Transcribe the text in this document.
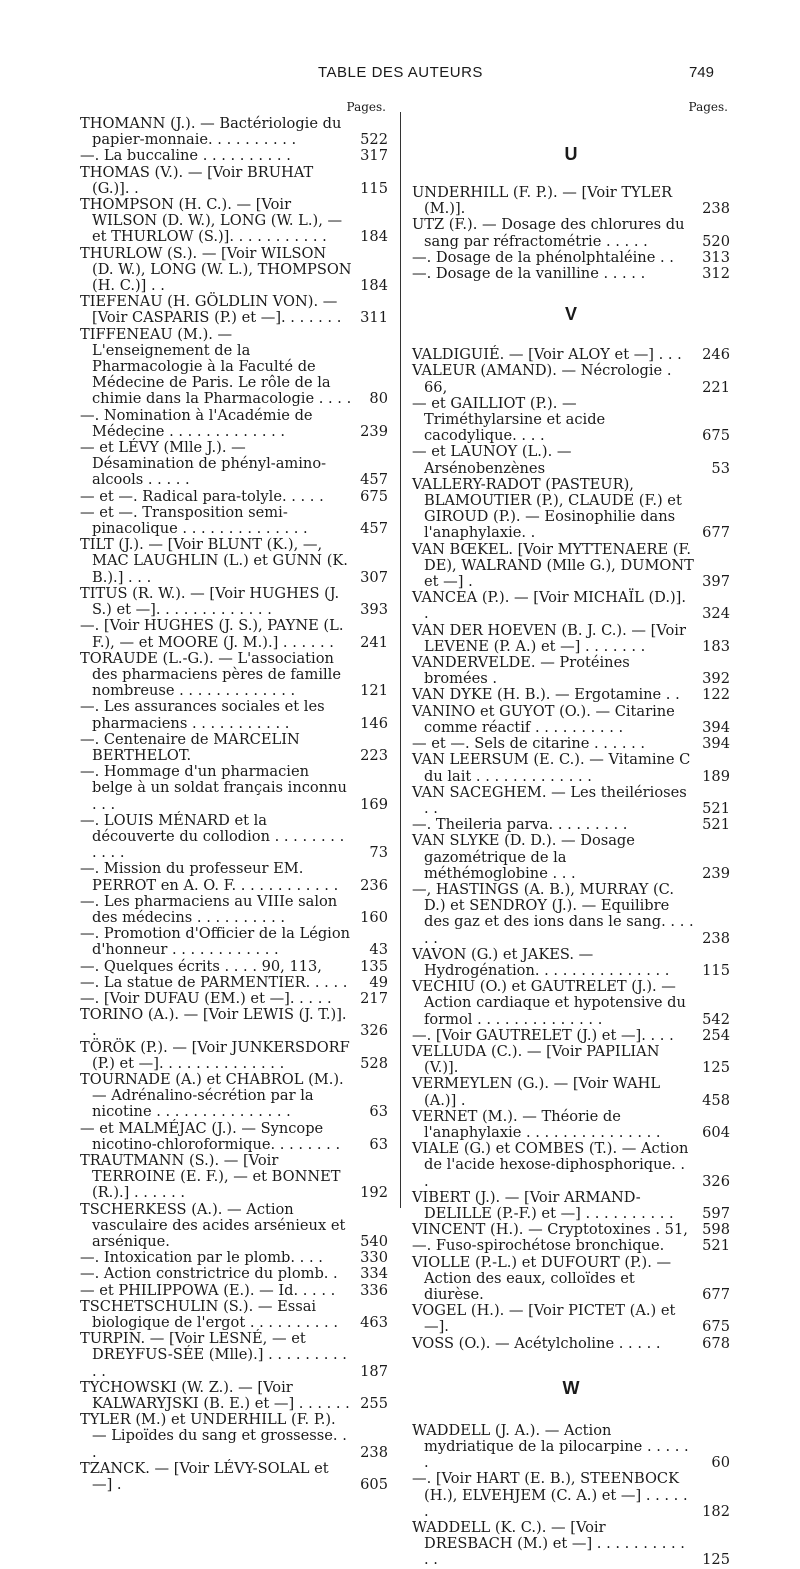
TABLE DES AUTEURS	749
Pages.

THOMANN (J.). — Bactériologie du papier-monnaie. . . . . . . . . .	522

—. La buccaline . . . . . . . . . .	317

THOMAS (V.). — [Voir BRUHAT (G.)]. .	115

THOMPSON (H. C.). — [Voir WILSON (D. W.), LONG (W. L.), — et THURLOW (S.)]. . . . . . . . . . . 184

THURLOW (S.). — [Voir WILSON (D. W.), LONG (W. L.), THOMPSON (H. C.)] . .	184

TIEFENAU (H. GÖLDLIN VON). — [Voir CASPARIS (P.) et —]. . . . . . . 311

TIFFENEAU (M.). — L'enseignement de la Pharmacologie à la Faculté de Médecine de Paris. Le rôle de la chimie dans la Pharmacologie . . . . 80

—. Nomination à l'Académie de Médecine . . . . . . . . . . . . .	239

— et LÉVY (Mlle J.). — Désamination de phényl-amino-alcools . . . . .	457

— et —. Radical para-tolyle. . . . . 675

— et —. Transposition semi-pinacolique . . . . . . . . . . . . . .	457

TILT (J.). — [Voir BLUNT (K.), —, MAC LAUGHLIN (L.) et GUNN (K. B.).] . . .	307

TITUS (R. W.). — [Voir HUGHES (J. S.) et —]. . . . . . . . . . . . .	393

—. [Voir HUGHES (J. S.), PAYNE (L. F.), — et MOORE (J. M.).] . . . . . . 241

TORAUDE (L.-G.). — L'association des pharmaciens pères de famille nombreuse . . . . . . . . . . . . .	121

—. Les assurances sociales et les pharmaciens . . . . . . . . . . .	146

—. Centenaire de MARCELIN BERTHELOT.	223

—. Hommage d'un pharmacien belge à un soldat français inconnu . . .	169

—. LOUIS MÉNARD et la découverte du collodion . . . . . . . . . . . .	73

—. Mission du professeur EM. PERROT en A. O. F. . . . . . . . . . . . 236

—. Les pharmaciens au VIIIe salon des médecins . . . . . . . . . .	160

—. Promotion d'Officier de la Légion d'honneur . . . . . . . . . . . .	43

—. Quelques écrits . . . . 90, 113,	135

—. La statue de PARMENTIER. . . . . 49

—. [Voir DUFAU (EM.) et —]. . . . . 217

TORINO (A.). — [Voir LEWIS (J. T.)]. .	326

TÖRÖK (P.). — [Voir JUNKERSDORF (P.) et —]. . . . . . . . . . . . . .	528

TOURNADE (A.) et CHABROL (M.). — Adrénalino-sécrétion par la nicotine . . . . . . . . . . . . . . .	63

— et MALMÉJAC (J.). — Syncope nicotino-chloroformique. . . . . . . . 63

TRAUTMANN (S.). — [Voir TERROINE (E. F.), — et BONNET (R.).] . . . . . .	192

TSCHERKESS (A.). — Action vasculaire des acides arsénieux et arsénique.	540

—. Intoxication par le plomb. . . .	330

—. Action constrictrice du plomb. . 334

— et PHILIPPOWA (E.). — Id. . . . . 336

TSCHETSCHULIN (S.). — Essai biologique de l'ergot . . . . . . . . . . 463

TURPIN. — [Voir LESNÉ, — et DREYFUS-SÉE (Mlle).] . . . . . . . . . . .	187

TYCHOWSKI (W. Z.). — [Voir KALWARYJSKI (B. E.) et —] . . . . . . 255

TYLER (M.) et UNDERHILL (F. P.). — Lipoïdes du sang et grossesse. . .	238

TZANCK. — [Voir LÉVY-SOLAL et —] .	605

Pages.
U

UNDERHILL (F. P.). — [Voir TYLER (M.)].	238

UTZ (F.). — Dosage des chlorures du sang par réfractométrie . . . . .	520

—. Dosage de la phénolphtaléine . . 313

—. Dosage de la vanilline . . . . .	312

V

VALDIGUIÉ. — [Voir ALOY et —] . . . 246

VALEUR (AMAND). — Nécrologie . 66,	221

— et GAILLIOT (P.). — Triméthylarsine et acide cacodylique. . . .	675

— et LAUNOY (L.). — Arsénobenzènes	53

VALLERY-RADOT (PASTEUR), BLAMOUTIER (P.), CLAUDE (F.) et GIROUD (P.). — Eosinophilie dans l'anaphylaxie. .	677

VAN BŒKEL. [Voir MYTTENAERE (F. DE), WALRAND (Mlle G.), DUMONT et —] .	397

VANCEA (P.). — [Voir MICHAÏL (D.)]. .	324

VAN DER HOEVEN (B. J. C.). — [Voir LEVENE (P. A.) et —] . . . . . . .	183

VANDERVELDE. — Protéines bromées .	392

VAN DYKE (H. B.). — Ergotamine . . 122

VANINO et GUYOT (O.). — Citarine comme réactif . . . . . . . . . .	394

— et —. Sels de citarine . . . . . .	394

VAN LEERSUM (E. C.). — Vitamine C du lait . . . . . . . . . . . . .	189

VAN SACEGHEM. — Les theilérioses . .	521

—. Theileria parva. . . . . . . . .	521

VAN SLYKE (D. D.). — Dosage gazométrique de la méthémoglobine . . .	239

—, HASTINGS (A. B.), MURRAY (C. D.) et SENDROY (J.). — Equilibre des gaz et des ions dans le sang. . . . . .	238

VAVON (G.) et JAKES. — Hydrogénation. . . . . . . . . . . . . . . 115

VECHIU (O.) et GAUTRELET (J.). — Action cardiaque et hypotensive du formol . . . . . . . . . . . . . .	542

—. [Voir GAUTRELET (J.) et —]. . . . 254

VELLUDA (C.). — [Voir PAPILIAN (V.)].	125

VERMEYLEN (G.). — [Voir WAHL (A.)] .	458

VERNET (M.). — Théorie de l'anaphylaxie . . . . . . . . . . . . . . .	604

VIALE (G.) et COMBES (T.). — Action de l'acide hexose-diphosphorique. . .	326

VIBERT (J.). — [Voir ARMAND-DELILLE (P.-F.) et —] . . . . . . . . . . 597

VINCENT (H.). — Cryptotoxines . 51, 598

—. Fuso-spirochétose bronchique.	521

VIOLLE (P.-L.) et DUFOURT (P.). — Action des eaux, colloïdes et diurèse.	677

VOGEL (H.). — [Voir PICTET (A.) et —].	675

VOSS (O.). — Acétylcholine . . . . .	678

W

WADDELL (J. A.). — Action mydriatique de la pilocarpine . . . . . .	60

—. [Voir HART (E. B.), STEENBOCK (H.), ELVEHJEM (C. A.) et —] . . . . . .	182

WADDELL (K. C.). — [Voir DRESBACH (M.) et —] . . . . . . . . . . . .	125
